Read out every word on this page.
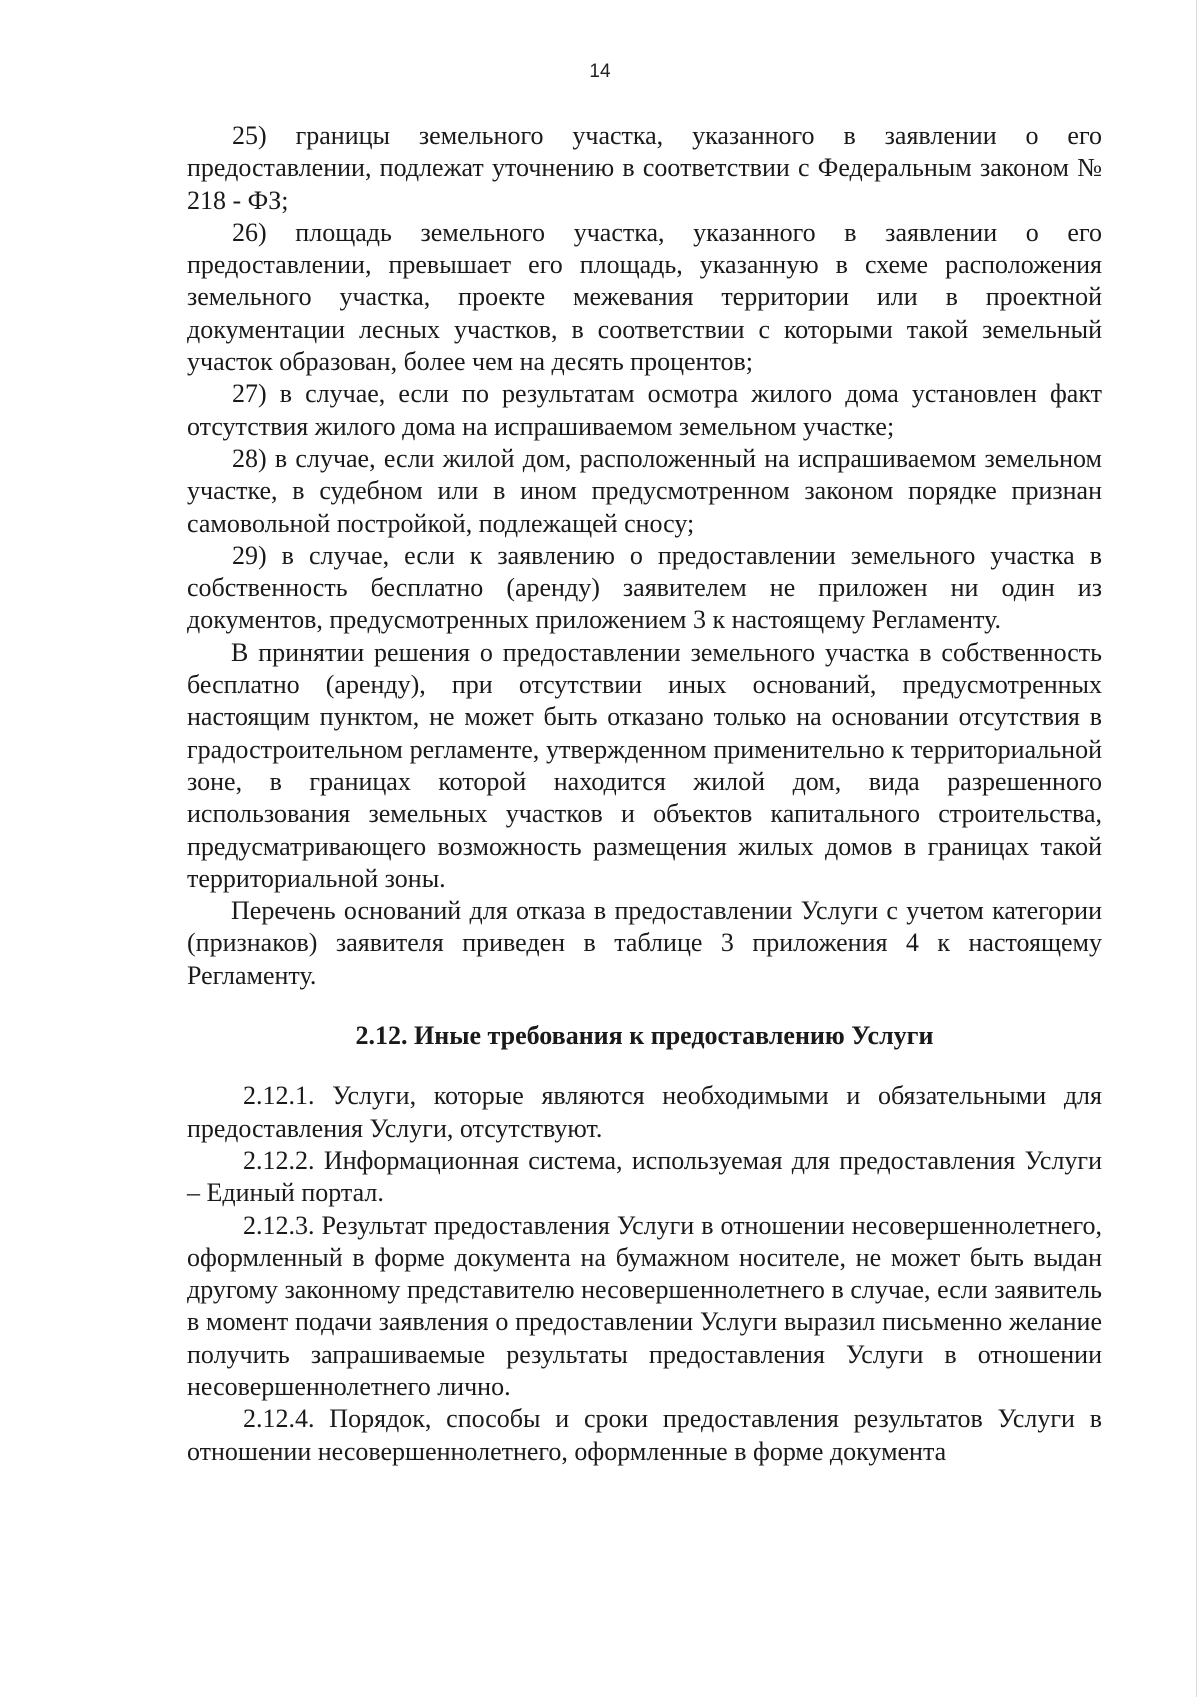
14

25) границы земельного участка, указанного в заявлении о его предоставлении, подлежат уточнению в соответствии с Федеральным законом № 218 - ФЗ;

26) площадь земельного участка, указанного в заявлении о его предоставлении, превышает его площадь, указанную в схеме расположения земельного участка, проекте межевания территории или в проектной документации лесных участков, в соответствии с которыми такой земельный участок образован, более чем на десять процентов;

27) в случае, если по результатам осмотра жилого дома установлен факт отсутствия жилого дома на испрашиваемом земельном участке;

28) в случае, если жилой дом, расположенный на испрашиваемом земельном участке, в судебном или в ином предусмотренном законом порядке признан самовольной постройкой, подлежащей сносу;

29) в случае, если к заявлению о предоставлении земельного участка в собственность бесплатно (аренду) заявителем не приложен ни один из документов, предусмотренных приложением 3 к настоящему Регламенту.

В принятии решения о предоставлении земельного участка в собственность бесплатно (аренду), при отсутствии иных оснований, предусмотренных настоящим пунктом, не может быть отказано только на основании отсутствия в градостроительном регламенте, утвержденном применительно к территориальной зоне, в границах которой находится жилой дом, вида разрешенного использования земельных участков и объектов капитального строительства, предусматривающего возможность размещения жилых домов в границах такой территориальной зоны.

Перечень оснований для отказа в предоставлении Услуги с учетом категории (признаков) заявителя приведен в таблице 3 приложения 4 к настоящему Регламенту.

2.12. Иные требования к предоставлению Услуги

2.12.1. Услуги, которые являются необходимыми и обязательными для предоставления Услуги, отсутствуют.

2.12.2. Информационная система, используемая для предоставления Услуги – Единый портал.

2.12.3. Результат предоставления Услуги в отношении несовершеннолетнего, оформленный в форме документа на бумажном носителе, не может быть выдан другому законному представителю несовершеннолетнего в случае, если заявитель в момент подачи заявления о предоставлении Услуги выразил письменно желание получить запрашиваемые результаты предоставления Услуги в отношении несовершеннолетнего лично.

2.12.4. Порядок, способы и сроки предоставления результатов Услуги в отношении несовершеннолетнего, оформленные в форме документа
